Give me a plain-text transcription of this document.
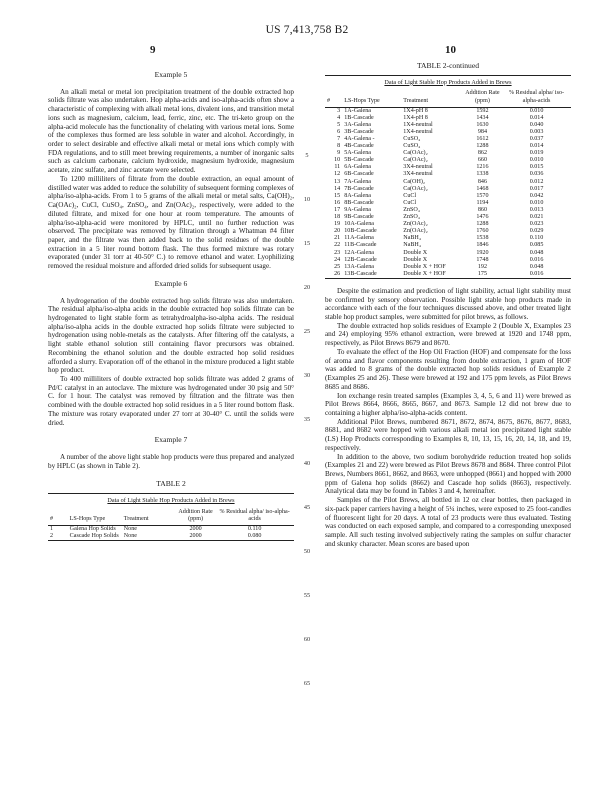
US 7,413,758 B2
9	10
5
10
15
20
25
30
35
40
45
50
55
60
65

Example 5

An alkali metal or metal ion precipitation treatment of the double extracted hop solids filtrate was also undertaken. Hop alpha-acids and iso-alpha-acids often show a characteristic of complexing with alkali metal ions, divalent ions, and transition metal ions such as magnesium, calcium, lead, ferric, zinc, etc. The tri-keto group on the alpha-acid molecule has the functionality of chelating with various metal ions. Some of the complexes thus formed are less soluble in water and alcohol. Accordingly, in order to select desirable and effective alkali metal or metal ions which comply with FDA regulations, and to still meet brewing requirements, a number of inorganic salts such as calcium carbonate, calcium hydroxide, magnesium hydroxide, magnesium acetate, zinc sulfate, and zinc acetate were selected.

To 1200 milliliters of filtrate from the double extraction, an equal amount of distilled water was added to reduce the solubility of subsequent forming complexes of alpha/iso-alpha-acids. From 1 to 5 grams of the alkali metal or metal salts, Ca(OH)₂, Ca(OAc)₂, CuCl, CuSO₄, ZnSO₄, and Zn(OAc)₂, respectively, were added to the diluted filtrate, and mixed for one hour at room temperature. The amounts of alpha/iso-alpha-acid were monitored by HPLC, until no further reduction was observed. The precipitate was removed by filtration through a Whatman #4 filter paper, and the filtrate was then added back to the solid residues of the double extraction in a 5 liter round bottom flask. The thus formed mixture was rotary evaporated (under 31 torr at 40-50° C.) to remove ethanol and water. Lyophilizing removed the residual moisture and afforded dried solids for subsequent usage.

Example 6

A hydrogenation of the double extracted hop solids filtrate was also undertaken. The residual alpha/iso-alpha acids in the double extracted hop solids filtrate can be hydrogenated to light stable form as tetrahydroalpha-iso-alpha acids. The residual alpha/iso-alpha acids in the double extracted hop solids filtrate were subjected to hydrogenation using noble-metals as the catalysts. After filtering off the catalysts, a light stable ethanol solution still containing flavor precursors was obtained. Recombining the ethanol solution and the double extracted hop solid residues afforded a slurry. Evaporation off of the ethanol in the mixture produced a light stable hop product.

To 400 milliliters of double extracted hop solids filtrate was added 2 grams of Pd/C catalyst in an autoclave. The mixture was hydrogenated under 30 psig and 50° C. for 1 hour. The catalyst was removed by filtration and the filtrate was then combined with the double extracted hop solid residues in a 5 liter round bottom flask. The mixture was rotary evaporated under 27 torr at 30-40° C. until the solids were dried.

Example 7

A number of the above light stable hop products were thus prepared and analyzed by HPLC (as shown in Table 2).

TABLE 2
Data of Light Stable Hop Products Added in Brews
#	LS-Hops Type	Treatment	Addition Rate (ppm)	% Residual alpha/ iso-alpha-acids
1	Galena Hop Solids	None	2000	0.110
2	Cascade Hop Solids	None	2000	0.080
TABLE 2-continued
Data of Light Stable Hop Products Added in Brews
#	LS-Hops Type	Treatment	Addition Rate (ppm)	% Residual alpha/ iso-alpha-acids
3	1A-Galena	1X4-pH 8	1592	0.010
4	1B-Cascade	1X4-pH 8	1434	0.014
5	3A-Galena	1X4-neutral	1630	0.040
6	3B-Cascade	1X4-neutral	984	0.003
7	4A-Galena -	CuSO₄	1612	0.037
8	4B-Cascade	CuSO₄	1288	0.014
9	5A-Galena	Ca(OAc)₂	862	0.019
10	5B-Cascade	Ca(OAc)₂	660	0.010
11	6A-Galena	3X4-neutral	1216	0.015
12	6B-Cascade	3X4-neutral	1338	0.036
13	7A-Galena	Ca(OH)₂	846	0.012
14	7B-Cascade	Ca(OAc)₂	1468	0.017
15	8A-Galena	CuCl	1570	0.042
16	8B-Cascade	CuCl	1194	0.010
17	9A-Galena	ZnSO₄	860	0.013
18	9B-Cascade	ZnSO₄	1476	0.021
19	10A-Galena	Zn(OAc)₂	1288	0.023
20	10B-Cascade	Zn(OAc)₂	1760	0.029
21	11A-Galena	NaBH₄	1538	0.110
22	11B-Cascade	NaBH₄	1846	0.085
23	12A-Galena	Double X	1920	0.048
24	12B-Cascade	Double X	1748	0.016
25	13A-Galena	Double X + HOF	192	0.048
26	13B-Cascade	Double X + HOF	175	0.016

Despite the estimation and prediction of light stability, actual light stability must be confirmed by sensory observation. Possible light stable hop products made in accordance with each of the four techniques discussed above, and other treated light stable hop product samples, were submitted for pilot brews, as follows.

The double extracted hop solids residues of Example 2 (Double X, Examples 23 and 24) employing 95% ethanol extraction, were brewed at 1920 and 1748 ppm, respectively, as Pilot Brews 8679 and 8670.

To evaluate the effect of the Hop Oil Fraction (HOF) and compensate for the loss of aroma and flavor components resulting from double extraction, 1 gram of HOF was added to 8 grams of the double extracted hop solids residues of Example 2 (Examples 25 and 26). These were brewed at 192 and 175 ppm levels, as Pilot Brews 8685 and 8686.

Ion exchange resin treated samples (Examples 3, 4, 5, 6 and 11) were brewed as Pilot Brews 8664, 8666, 8665, 8667, and 8673. Sample 12 did not brew due to containing a higher alpha/iso-alpha-acids content.

Additional Pilot Brews, numbered 8671, 8672, 8674, 8675, 8676, 8677, 8683, 8681, and 8682 were hopped with various alkali metal ion precipitated light stable (LS) Hop Products corresponding to Examples 8, 10, 13, 15, 16, 20, 14, 18, and 19, respectively.

In addition to the above, two sodium borohydride reduction treated hop solids (Examples 21 and 22) were brewed as Pilot Brews 8678 and 8684. Three control Pilot Brews, Numbers 8661, 8662, and 8663, were unhopped (8661) and hopped with 2000 ppm of Galena hop solids (8662) and Cascade hop solids (8663), respectively. Analytical data may be found in Tables 3 and 4, hereinafter.

Samples of the Pilot Brews, all bottled in 12 oz clear bottles, then packaged in six-pack paper carriers having a height of 5¼ inches, were exposed to 25 foot-candles of fluorescent light for 20 days. A total of 23 products were thus evaluated. Testing was conducted on each exposed sample, and compared to a corresponding unexposed sample. All such testing involved subjectively rating the samples on sulfur character and skunky character. Mean scores are based upon
